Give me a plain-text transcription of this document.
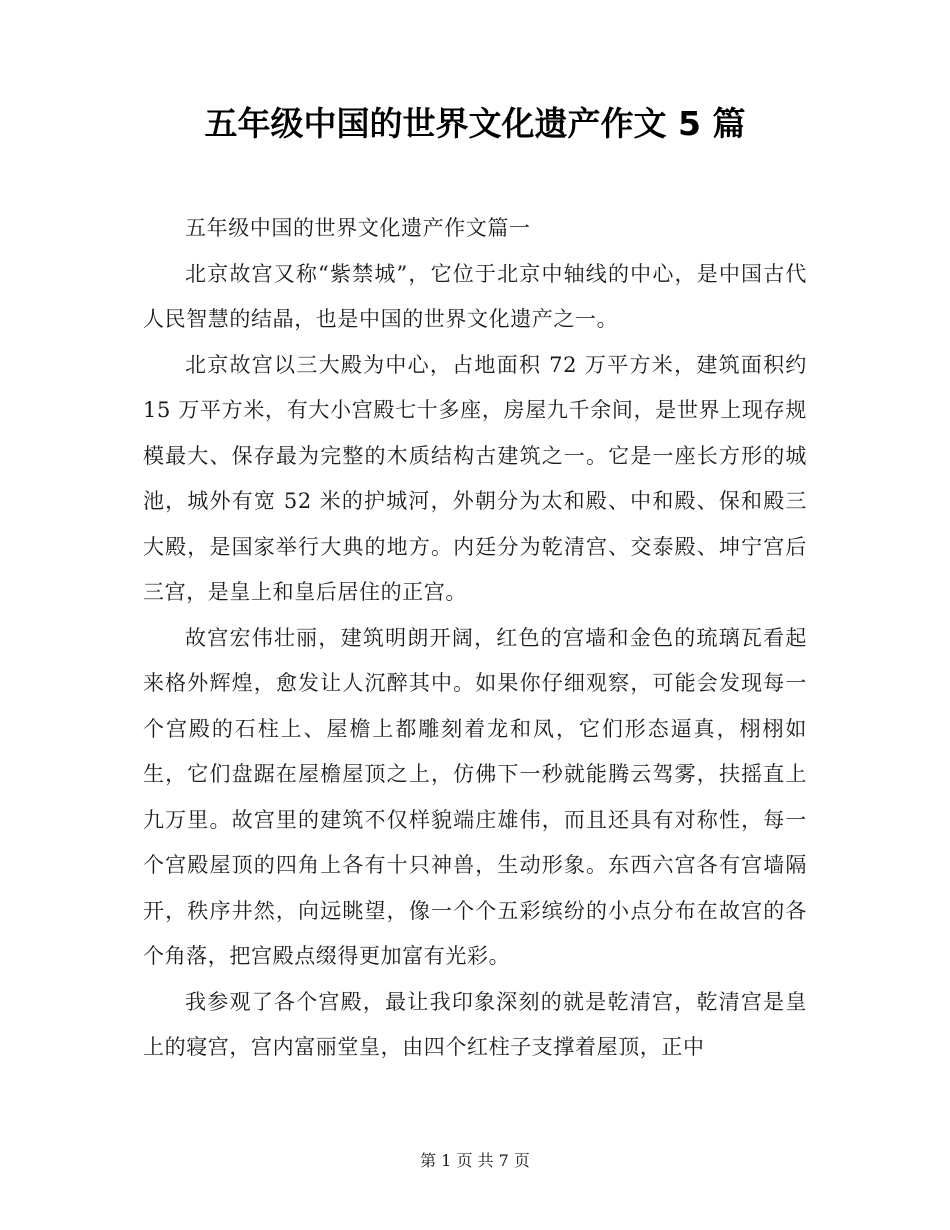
五年级中国的世界文化遗产作文 5 篇

五年级中国的世界文化遗产作文篇一

北京故宫又称“紫禁城”，它位于北京中轴线的中心，是中国古代人民智慧的结晶，也是中国的世界文化遗产之一。

北京故宫以三大殿为中心，占地面积 72 万平方米，建筑面积约 15 万平方米，有大小宫殿七十多座，房屋九千余间，是世界上现存规模最大、保存最为完整的木质结构古建筑之一。它是一座长方形的城池，城外有宽 52 米的护城河，外朝分为太和殿、中和殿、保和殿三大殿，是国家举行大典的地方。内廷分为乾清宫、交泰殿、坤宁宫后三宫，是皇上和皇后居住的正宫。

故宫宏伟壮丽，建筑明朗开阔，红色的宫墙和金色的琉璃瓦看起来格外辉煌，愈发让人沉醉其中。如果你仔细观察，可能会发现每一个宫殿的石柱上、屋檐上都雕刻着龙和凤，它们形态逼真，栩栩如生，它们盘踞在屋檐屋顶之上，仿佛下一秒就能腾云驾雾，扶摇直上九万里。故宫里的建筑不仅样貌端庄雄伟，而且还具有对称性，每一个宫殿屋顶的四角上各有十只神兽，生动形象。东西六宫各有宫墙隔开，秩序井然，向远眺望，像一个个五彩缤纷的小点分布在故宫的各个角落，把宫殿点缀得更加富有光彩。

我参观了各个宫殿，最让我印象深刻的就是乾清宫，乾清宫是皇上的寝宫，宫内富丽堂皇，由四个红柱子支撑着屋顶，正中

第 1 页 共 7 页
